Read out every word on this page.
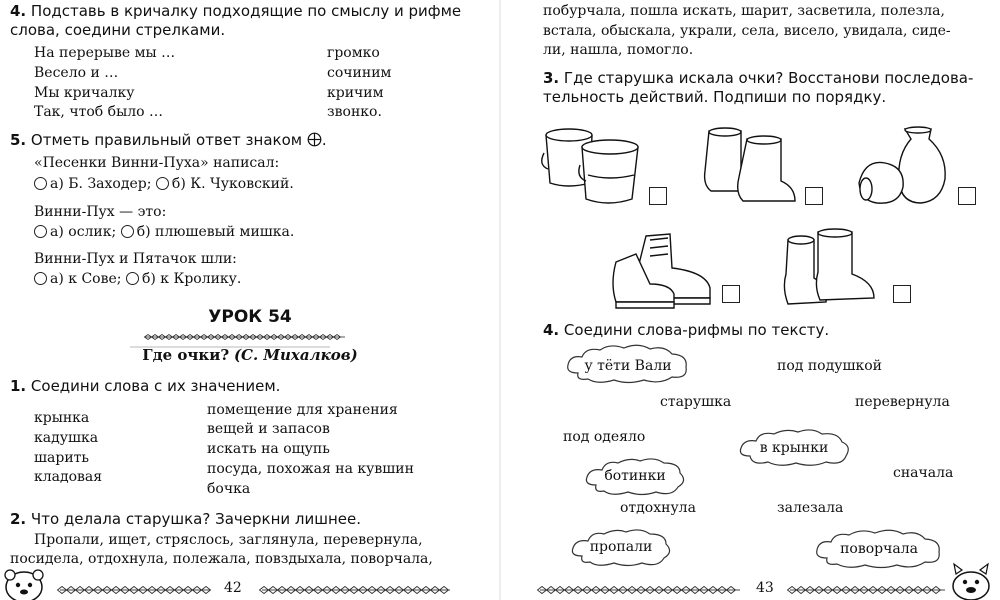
4. Подставь в кричалку подходящие по смыслу и рифме
слова, соедини стрелками.
На перерыве мы …
Весело и …
Мы кричалку
Так, чтоб было …
громко
сочиним
кричим
звонко.
5. Отметь правильный ответ знаком .
«Песенки Винни-Пуха» написал:
а) Б. Заходер; б) К. Чуковский.
Винни-Пух — это:
а) ослик; б) плюшевый мишка.
Винни-Пух и Пятачок шли:
а) к Сове; б) к Кролику.
УРОК 54
Где очки? (С. Михалков)
1. Соедини слова с их значением.
крынка
кадушка
шарить
кладовая
помещение для хранения
вещей и запасов
искать на ощупь
посуда, похожая на кувшин
бочка
2. Что делала старушка? Зачеркни лишнее.
Пропали, ищет, стряслось, заглянула, перевернула,
посидела, отдохнула, полежала, повздыхала, поворчала,
42
побурчала, пошла искать, шарит, засветила, полезла,
встала, обыскала, украли, села, висело, увидала, сиде-
ли, нашла, помогло.
3. Где старушка искала очки? Восстанови последова-
тельность действий. Подпиши по порядку.
4. Соедини слова-рифмы по тексту.
у тёти Вали	под подушкой
старушка	перевернула
под одеяло
в крынки
ботинки	сначала
отдохнула	залезала
пропали	поворчала
43
